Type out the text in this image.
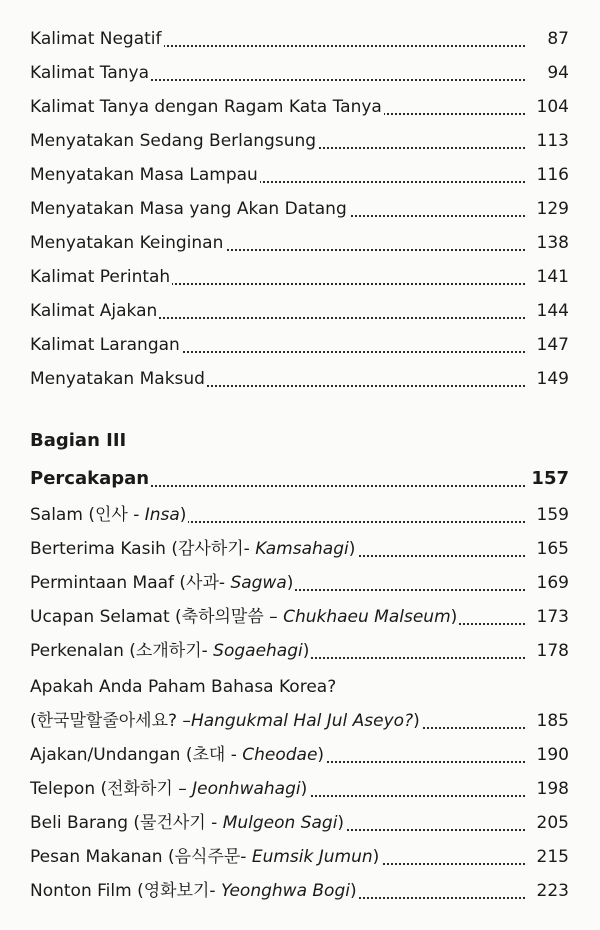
Kalimat Negatif	87
Kalimat Tanya	94
Kalimat Tanya dengan Ragam Kata Tanya	104
Menyatakan Sedang Berlangsung	113
Menyatakan Masa Lampau	116
Menyatakan Masa yang Akan Datang	129
Menyatakan Keinginan	138
Kalimat Perintah	141
Kalimat Ajakan	144
Kalimat Larangan	147
Menyatakan Maksud	149
Bagian III
Percakapan	157
Salam (인사 - Insa)	159
Berterima Kasih (감사하기- Kamsahagi)	165
Permintaan Maaf (사과- Sagwa)	169
Ucapan Selamat (축하의말씀 – Chukhaeu Malseum)	173
Perkenalan (소개하기- Sogaehagi)	178
Apakah Anda Paham Bahasa Korea?
(한국말할줄아세요? –Hangukmal Hal Jul Aseyo?)	185
Ajakan/Undangan (초대 - Cheodae)	190
Telepon (전화하기 – Jeonhwahagi)	198
Beli Barang (물건사기 - Mulgeon Sagi)	205
Pesan Makanan (음식주문- Eumsik Jumun)	215
Nonton Film (영화보기- Yeonghwa Bogi)	223
